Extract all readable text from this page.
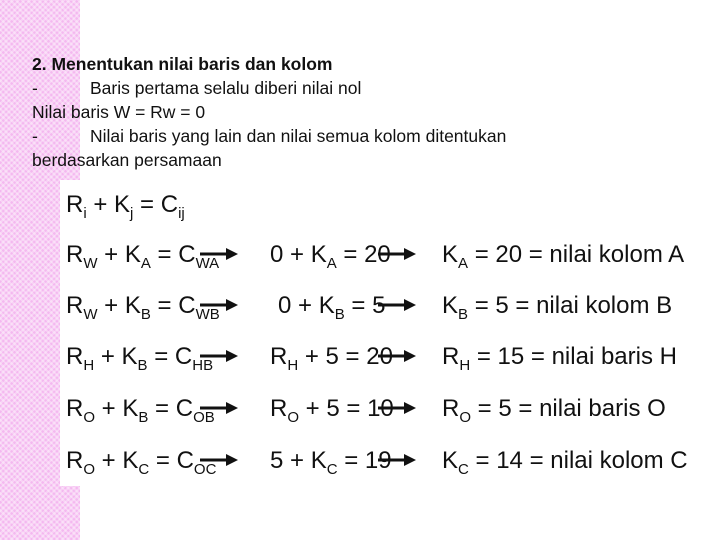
2. Menentukan nilai baris dan kolom
-	Baris pertama selalu diberi nilai nol
Nilai baris W = Rw = 0
-	Nilai baris yang lain dan nilai semua kolom ditentukan
berdasarkan persamaan
$R_i + K_j = C_{ij}$
$R_W + K_A = C_{WA}$ $0 + K_A = 20$ $K_A = 20$ = nilai kolom A
$R_W + K_B = C_{WB}$ $0 + K_B = 5$ $K_B = 5$ = nilai kolom B
$R_H + K_B = C_{HB}$ $R_H + 5 = 20$ $R_H = 15$ = nilai baris H
$R_O + K_B = C_{OB}$ $R_O + 5 = 10$ $R_O = 5$ = nilai baris O
$R_O + K_C = C_{OC}$ $5 + K_C = 19$ $K_C = 14$ = nilai kolom C
